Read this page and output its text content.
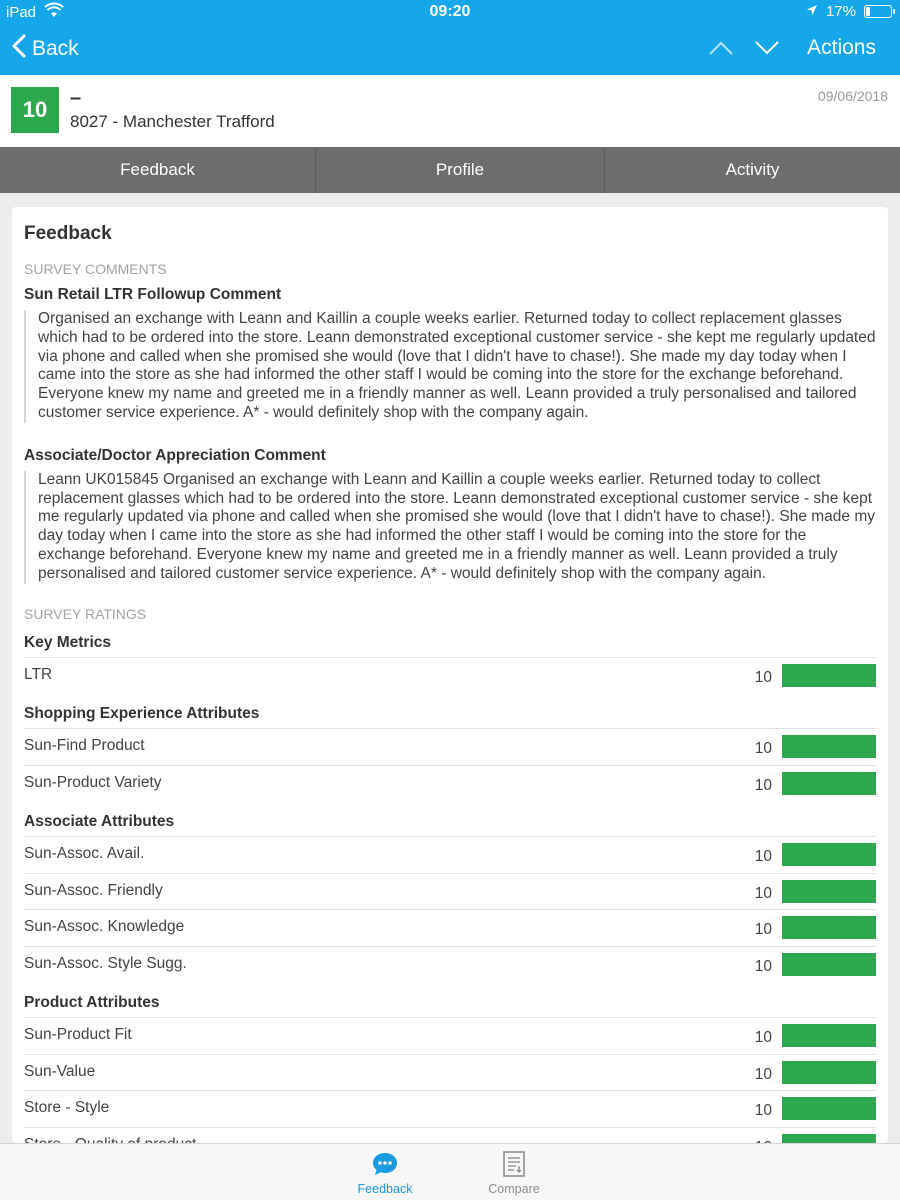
iPad	09:20	17%
Back	Actions
10	–
8027 - Manchester Trafford
09/06/2018
Feedback	Profile	Activity
Feedback
SURVEY COMMENTS
Sun Retail LTR Followup Comment
Organised an exchange with Leann and Kaillin a couple weeks earlier. Returned today to collect replacement glasses which had to be ordered into the store. Leann demonstrated exceptional customer service - she kept me regularly updated via phone and called when she promised she would (love that I didn't have to chase!). She made my day today when I came into the store as she had informed the other staff I would be coming into the store for the exchange beforehand. Everyone knew my name and greeted me in a friendly manner as well. Leann provided a truly personalised and tailored customer service experience. A* - would definitely shop with the company again.
Associate/Doctor Appreciation Comment
Leann UK015845 Organised an exchange with Leann and Kaillin a couple weeks earlier. Returned today to collect replacement glasses which had to be ordered into the store. Leann demonstrated exceptional customer service - she kept me regularly updated via phone and called when she promised she would (love that I didn't have to chase!). She made my day today when I came into the store as she had informed the other staff I would be coming into the store for the exchange beforehand. Everyone knew my name and greeted me in a friendly manner as well. Leann provided a truly personalised and tailored customer service experience. A* - would definitely shop with the company again.
SURVEY RATINGS
Key Metrics
LTR	10
Shopping Experience Attributes
Sun-Find Product	10
Sun-Product Variety	10
Associate Attributes
Sun-Assoc. Avail.	10
Sun-Assoc. Friendly	10
Sun-Assoc. Knowledge	10
Sun-Assoc. Style Sugg.	10
Product Attributes
Sun-Product Fit	10
Sun-Value	10
Store - Style	10
Feedback	Compare
